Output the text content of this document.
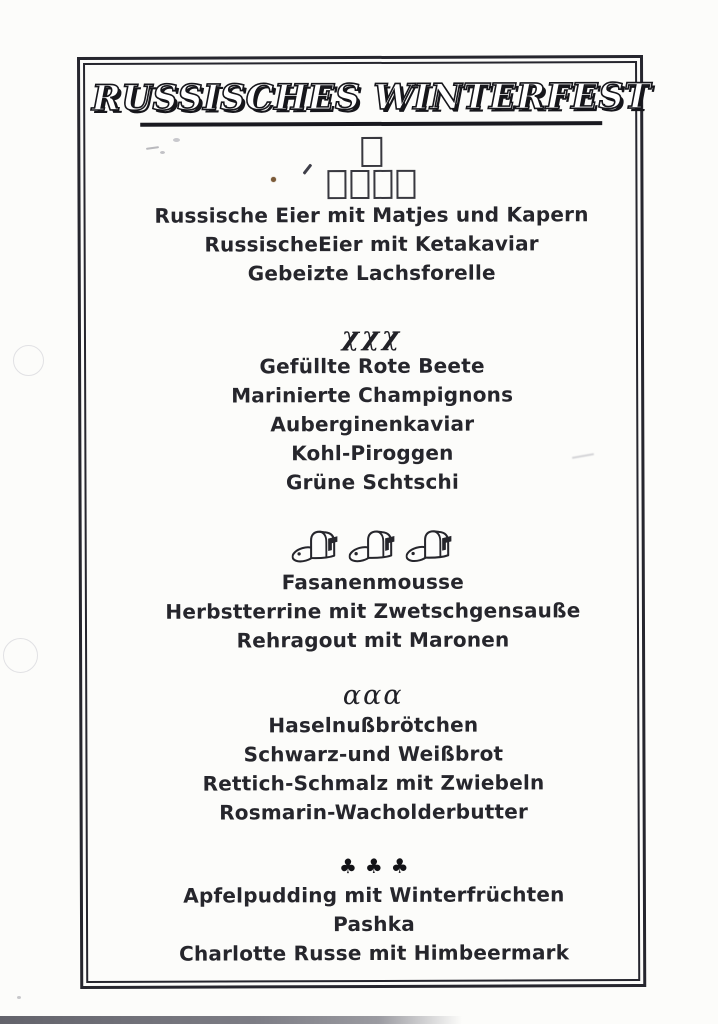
RUSSISCHES WINTERFEST
Russische Eier mit Matjes und Kapern
RussischeEier mit Ketakaviar
Gebeizte Lachsforelle
χχχ
Gefüllte Rote Beete
Marinierte Champignons
Auberginenkaviar
Kohl-Piroggen
Grüne Schtschi
Fasanenmousse
Herbstterrine mit Zwetschgensauße
Rehragout mit Maronen
ααα
Haselnußbrötchen
Schwarz-und Weißbrot
Rettich-Schmalz mit Zwiebeln
Rosmarin-Wacholderbutter
♣♣♣
Apfelpudding mit Winterfrüchten
Pashka
Charlotte Russe mit Himbeermark
